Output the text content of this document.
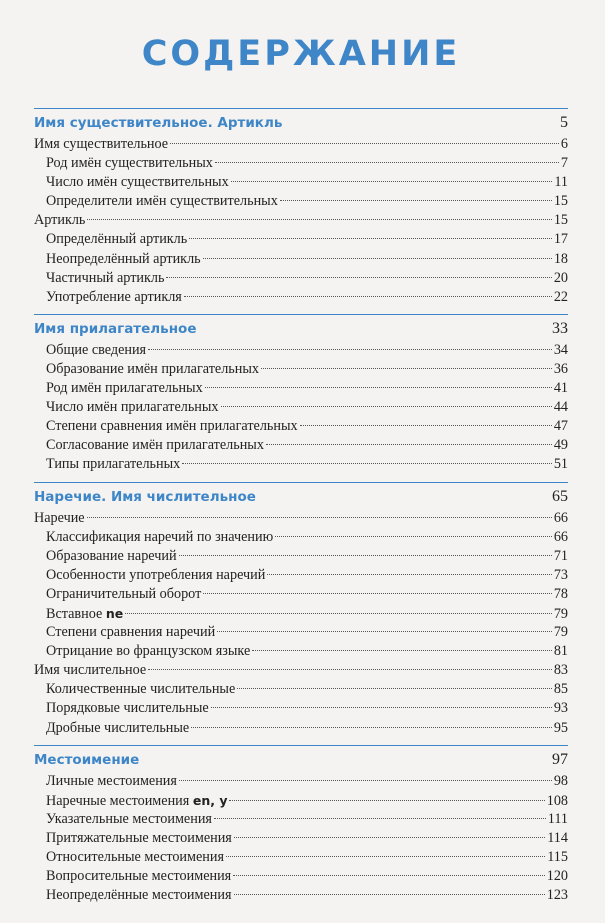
СОДЕРЖАНИЕ
Имя существительное. Артикль	5
Имя существительное	6
Род имён существительных	7
Число имён существительных	11
Определители имён существительных	15
Артикль	15
Определённый артикль	17
Неопределённый артикль	18
Частичный артикль	20
Употребление артикля	22
Имя прилагательное	33
Общие сведения	34
Образование имён прилагательных	36
Род имён прилагательных	41
Число имён прилагательных	44
Степени сравнения имён прилагательных	47
Согласование имён прилагательных	49
Типы прилагательных	51
Наречие. Имя числительное	65
Наречие	66
Классификация наречий по значению	66
Образование наречий	71
Особенности употребления наречий	73
Ограничительный оборот	78
Вставное ne	79
Степени сравнения наречий	79
Отрицание во французском языке	81
Имя числительное	83
Количественные числительные	85
Порядковые числительные	93
Дробные числительные	95
Местоимение	97
Личные местоимения	98
Наречные местоимения en, y	108
Указательные местоимения	111
Притяжательные местоимения	114
Относительные местоимения	115
Вопросительные местоимения	120
Неопределённые местоимения	123
